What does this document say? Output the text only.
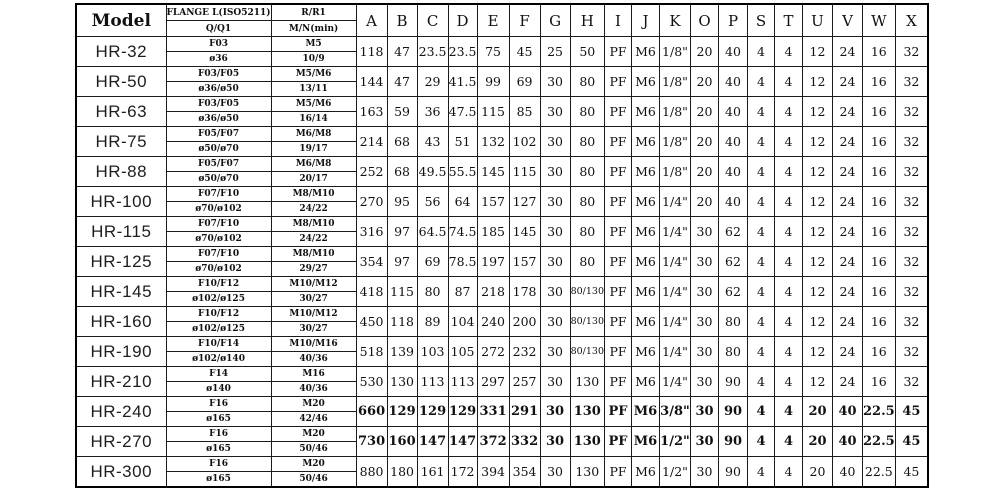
Model	FLANGE L(ISO5211)	R/R1	A	B	C	D	E	F	G	H	I	J	K	O	P	S	T	U	V	W	X
	Q/Q1	M/N(min)																			
HR-32	F03	M5	118	47	23.5	23.5	75	45	25	50	PF	M6	1/8"	20	40	4	4	12	24	16	32
	ø36	10/9																			
HR-50	F03/F05	M5/M6	144	47	29	41.5	99	69	30	80	PF	M6	1/8"	20	40	4	4	12	24	16	32
	ø36/ø50	13/11																			
HR-63	F03/F05	M5/M6	163	59	36	47.5	115	85	30	80	PF	M6	1/8"	20	40	4	4	12	24	16	32
	ø36/ø50	16/14																			
HR-75	F05/F07	M6/M8	214	68	43	51	132	102	30	80	PF	M6	1/8"	20	40	4	4	12	24	16	32
	ø50/ø70	19/17																			
HR-88	F05/F07	M6/M8	252	68	49.5	55.5	145	115	30	80	PF	M6	1/8"	20	40	4	4	12	24	16	32
	ø50/ø70	20/17																			
HR-100	F07/F10	M8/M10	270	95	56	64	157	127	30	80	PF	M6	1/4"	20	40	4	4	12	24	16	32
	ø70/ø102	24/22																			
HR-115	F07/F10	M8/M10	316	97	64.5	74.5	185	145	30	80	PF	M6	1/4"	30	62	4	4	12	24	16	32
	ø70/ø102	24/22																			
HR-125	F07/F10	M8/M10	354	97	69	78.5	197	157	30	80	PF	M6	1/4"	30	62	4	4	12	24	16	32
	ø70/ø102	29/27																			
HR-145	F10/F12	M10/M12	418	115	80	87	218	178	30	80/130	PF	M6	1/4"	30	62	4	4	12	24	16	32
	ø102/ø125	30/27																			
HR-160	F10/F12	M10/M12	450	118	89	104	240	200	30	80/130	PF	M6	1/4"	30	80	4	4	12	24	16	32
	ø102/ø125	30/27																			
HR-190	F10/F14	M10/M16	518	139	103	105	272	232	30	80/130	PF	M6	1/4"	30	80	4	4	12	24	16	32
	ø102/ø140	40/36																			
HR-210	F14	M16	530	130	113	113	297	257	30	130	PF	M6	1/4"	30	90	4	4	12	24	16	32
	ø140	40/36																			
HR-240	F16	M20	660	129	129	129	331	291	30	130	PF	M6	3/8"	30	90	4	4	20	40	22.5	45
	ø165	42/46																			
HR-270	F16	M20	730	160	147	147	372	332	30	130	PF	M6	1/2"	30	90	4	4	20	40	22.5	45
	ø165	50/46																			
HR-300	F16	M20	880	180	161	172	394	354	30	130	PF	M6	1/2"	30	90	4	4	20	40	22.5	45
	ø165	50/46																			
